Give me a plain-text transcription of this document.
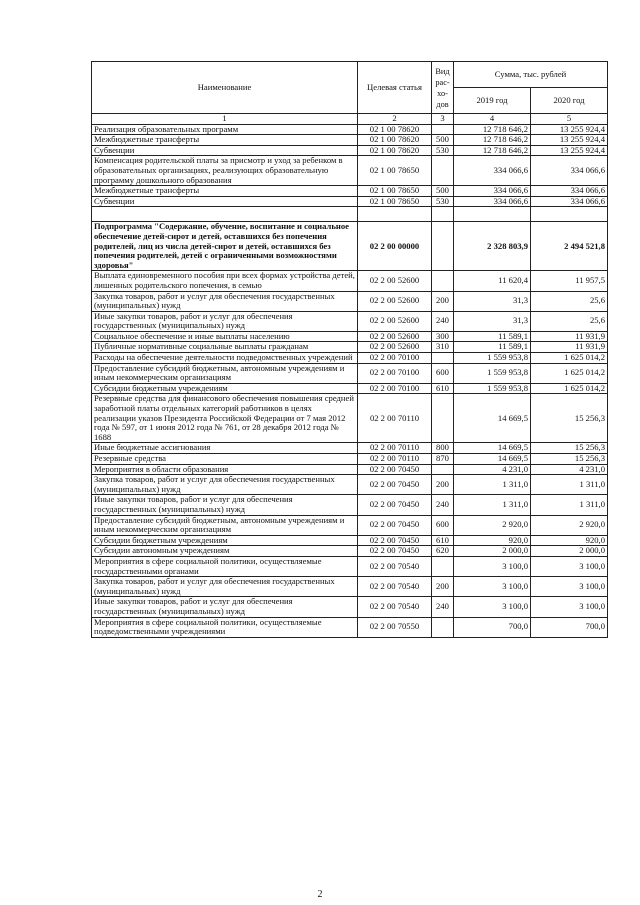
Наименование	Целевая статья	Вид рас-хо-дов	Сумма, тыс. рублей	
			2019 год	2020 год
1	2	3	4	5
Реализация образовательных программ	02 1 00 78620		12 718 646,2	13 255 924,4
Межбюджетные трансферты	02 1 00 78620	500	12 718 646,2	13 255 924,4
Субвенции	02 1 00 78620	530	12 718 646,2	13 255 924,4
Компенсация родительской платы за присмотр и уход за ребенком в образовательных организациях, реализующих образовательную программу дошкольного образования	02 1 00 78650		334 066,6	334 066,6
Межбюджетные трансферты	02 1 00 78650	500	334 066,6	334 066,6
Субвенции	02 1 00 78650	530	334 066,6	334 066,6

Подпрограмма "Содержание, обучение, воспитание и социальное обеспечение детей-сирот и детей, оставшихся без попечения родителей, лиц из числа детей-сирот и детей, оставшихся без попечения родителей, детей с ограниченными возможностями здоровья"	02 2 00 00000		2 328 803,9	2 494 521,8
Выплата единовременного пособия при всех формах устройства детей, лишенных родительского попечения, в семью	02 2 00 52600		11 620,4	11 957,5
Закупка товаров, работ и услуг для обеспечения государственных (муниципальных) нужд	02 2 00 52600	200	31,3	25,6
Иные закупки товаров, работ и услуг для обеспечения государственных (муниципальных) нужд	02 2 00 52600	240	31,3	25,6
Социальное обеспечение и иные выплаты населению	02 2 00 52600	300	11 589,1	11 931,9
Публичные нормативные социальные выплаты гражданам	02 2 00 52600	310	11 589,1	11 931,9
Расходы на обеспечение деятельности подведомственных учреждений	02 2 00 70100		1 559 953,8	1 625 014,2
Предоставление субсидий бюджетным, автономным учреждениям и иным некоммерческим организациям	02 2 00 70100	600	1 559 953,8	1 625 014,2
Субсидии бюджетным учреждениям	02 2 00 70100	610	1 559 953,8	1 625 014,2
Резервные средства для финансового обеспечения повышения средней заработной платы отдельных категорий работников в целях реализации указов Президента Российской Федерации от 7 мая 2012 года № 597, от 1 июня 2012 года № 761, от 28 декабря 2012 года № 1688	02 2 00 70110		14 669,5	15 256,3
Иные бюджетные ассигнования	02 2 00 70110	800	14 669,5	15 256,3
Резервные средства	02 2 00 70110	870	14 669,5	15 256,3
Мероприятия в области образования	02 2 00 70450		4 231,0	4 231,0
Закупка товаров, работ и услуг для обеспечения государственных (муниципальных) нужд	02 2 00 70450	200	1 311,0	1 311,0
Иные закупки товаров, работ и услуг для обеспечения государственных (муниципальных) нужд	02 2 00 70450	240	1 311,0	1 311,0
Предоставление субсидий бюджетным, автономным учреждениям и иным некоммерческим организациям	02 2 00 70450	600	2 920,0	2 920,0
Субсидии бюджетным учреждениям	02 2 00 70450	610	920,0	920,0
Субсидии автономным учреждениям	02 2 00 70450	620	2 000,0	2 000,0
Мероприятия в сфере социальной политики, осуществляемые государственными органами	02 2 00 70540		3 100,0	3 100,0
Закупка товаров, работ и услуг для обеспечения государственных (муниципальных) нужд	02 2 00 70540	200	3 100,0	3 100,0
Иные закупки товаров, работ и услуг для обеспечения государственных (муниципальных) нужд	02 2 00 70540	240	3 100,0	3 100,0
Мероприятия в сфере социальной политики, осуществляемые подведомственными учреждениями	02 2 00 70550		700,0	700,0
2
